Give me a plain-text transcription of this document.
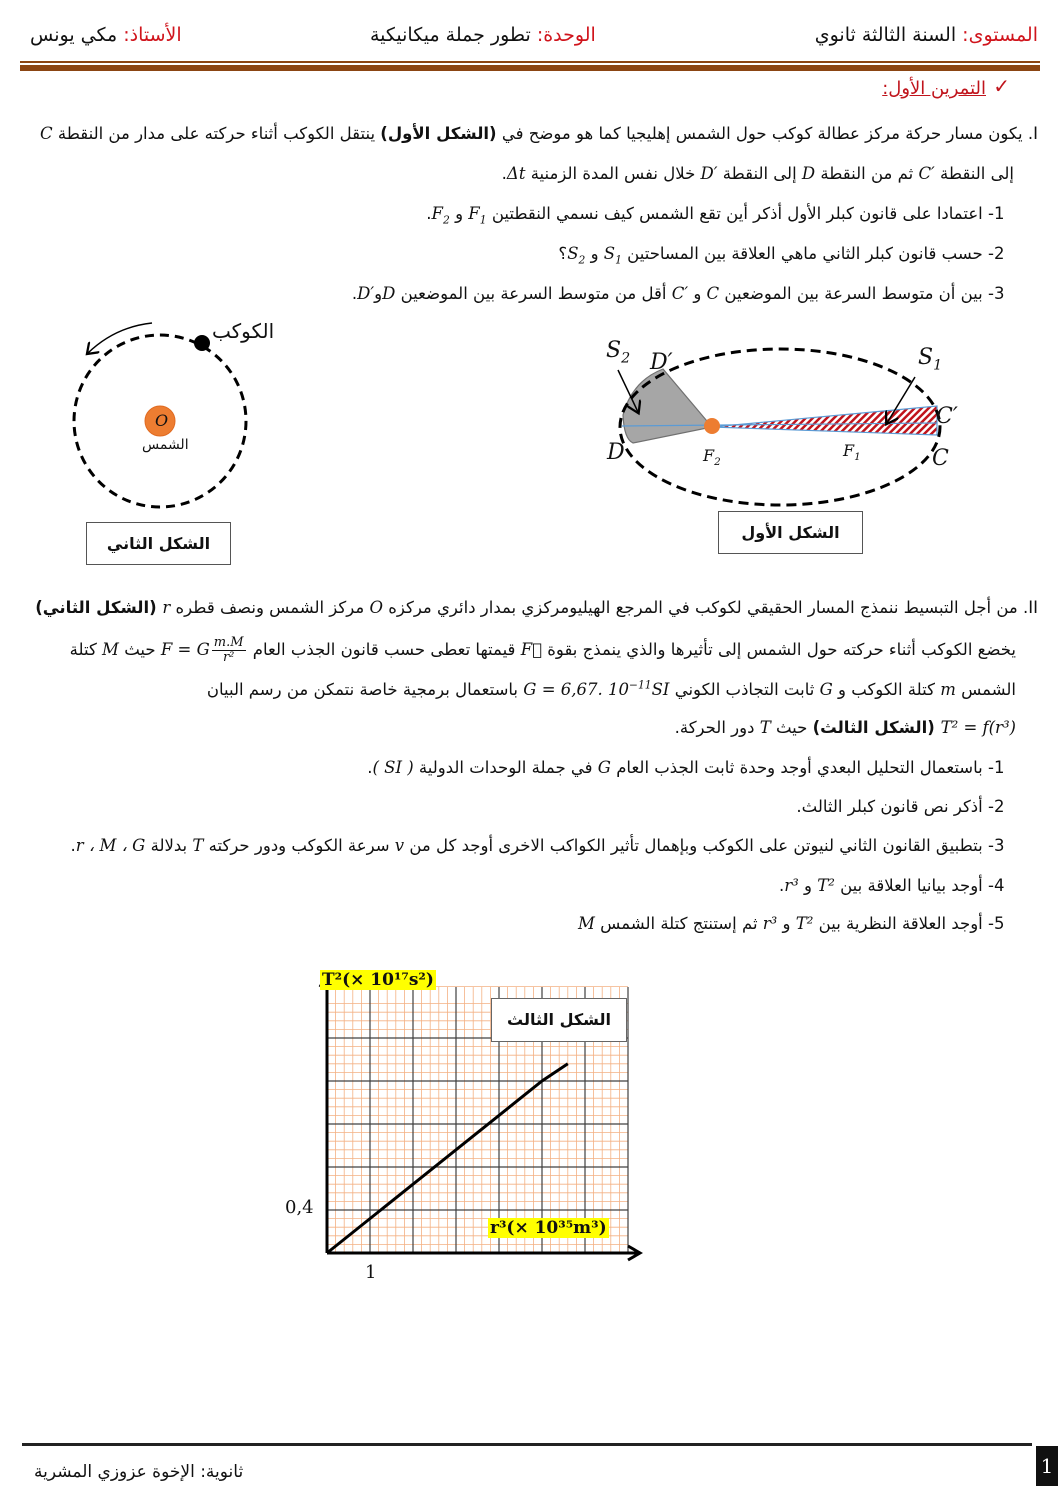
المستوى: السنة الثالثة ثانوي
الوحدة: تطور جملة ميكانيكية
الأستاذ: مكي يونس
✓
التمرين الأول:
I. يكون مسار حركة مركز عطالة كوكب حول الشمس إهليجيا كما هو موضح في (الشكل الأول) ينتقل الكوكب أثناء حركته على مدار من النقطة C
إلى النقطة C′ ثم من النقطة D إلى النقطة D′ خلال نفس المدة الزمنية Δt.
-1 اعتمادا على قانون كبلر الأول أذكر أين تقع الشمس كيف نسمي النقطتين $F_1$ و $F_2$.
-2 حسب قانون كبلر الثاني ماهي العلاقة بين المساحتين $S_1$ و $S_2؟$
-3 بين أن متوسط السرعة بين الموضعين C و C′ أقل من متوسط السرعة بين الموضعين DوD′.
O
الشمس
الكوكب
الشكل الثاني
$S_2$ D′	$S_1$
C′
C
D	$F_2$
$F_1$
الشكل الأول
II. من أجل التبسيط ننمذج المسار الحقيقي لكوكب في المرجع الهيليومركزي بمدار دائري مركزه O مركز الشمس ونصف قطره r (الشكل الثاني)
يخضع الكوكب أثناء حركته حول الشمس إلى تأثيرها والذي ينمذج بقوة F⃗ قيمتها تعطى حسب قانون الجذب العام F = G $\frac{m.M}{\text{r²}}$
حيث M كتلة
الشمس m كتلة الكوكب و G ثابت التجاذب الكوني G = 6,67. $10^{-11}SI$ باستعمال برمجية خاصة نتمكن من رسم البيان
T² = f(r³) (الشكل الثالث) حيث T دور الحركة.
-1 باستعمال التحليل البعدي أوجد وحدة ثابت الجذب العام G في جملة الوحدات الدولية ( SI ).
-2 أذكر نص قانون كبلر الثالث.
-3 بتطبيق القانون الثاني لنيوتن على الكوكب وبإهمال تأثير الكواكب الاخرى أوجد كل من v سرعة الكوكب ودور حركته T بدلالة r ، M ، G.
-4 أوجد بيانيا العلاقة بين T² و r³.
-5 أوجد العلاقة النظرية بين T² و r³ ثم إستنتج كتلة الشمس M
الشكل الثالث
T²(× 10¹⁷s²)
r³(× 10³⁵m³)
0,4
1
1
ثانوية: الإخوة عزوزي المشرية
